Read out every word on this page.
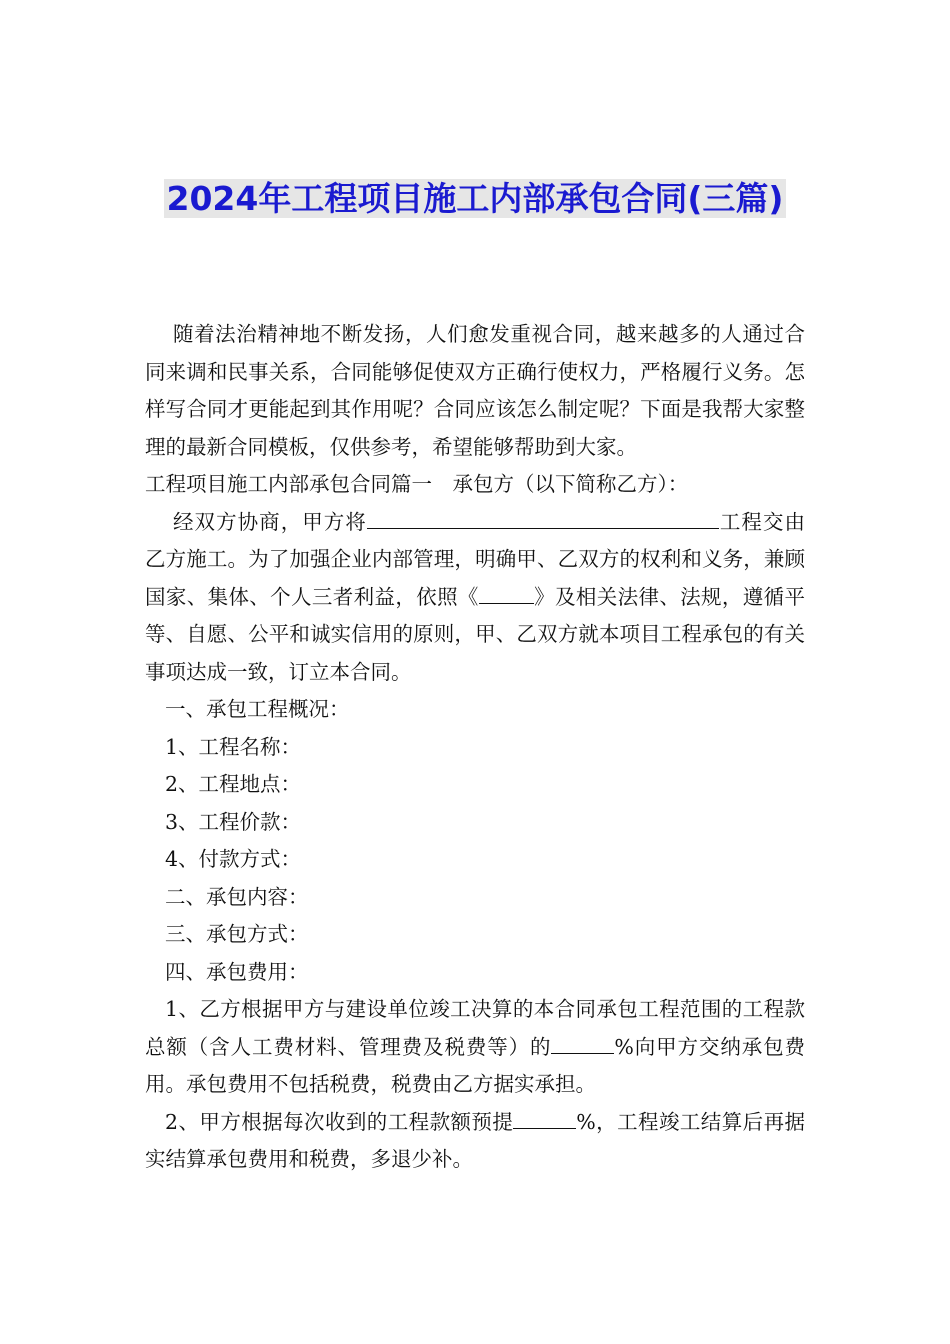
2024年工程项目施工内部承包合同(三篇)

随着法治精神地不断发扬，人们愈发重视合同，越来越多的人通过合同来调和民事关系，合同能够促使双方正确行使权力，严格履行义务。怎样写合同才更能起到其作用呢？合同应该怎么制定呢？下面是我帮大家整理的最新合同模板，仅供参考，希望能够帮助到大家。

工程项目施工内部承包合同篇一　承包方（以下简称乙方）：

经双方协商，甲方将	工程交由乙方施工。为了加强企业内部管理，明确甲、乙双方的权利和义务，兼顾国家、集体、个人三者利益，依照《	》及相关法律、法规，遵循平等、自愿、公平和诚实信用的原则，甲、乙双方就本项目工程承包的有关事项达成一致，订立本合同。

一、承包工程概况：

1、工程名称：

2、工程地点：

3、工程价款：

4、付款方式：

二、承包内容：

三、承包方式：

四、承包费用：

1、乙方根据甲方与建设单位竣工决算的本合同承包工程范围的工程款总额（含人工费材料、管理费及税费等）的	%向甲方交纳承包费用。承包费用不包括税费，税费由乙方据实承担。

2、甲方根据每次收到的工程款额预提	%，工程竣工结算后再据实结算承包费用和税费，多退少补。
